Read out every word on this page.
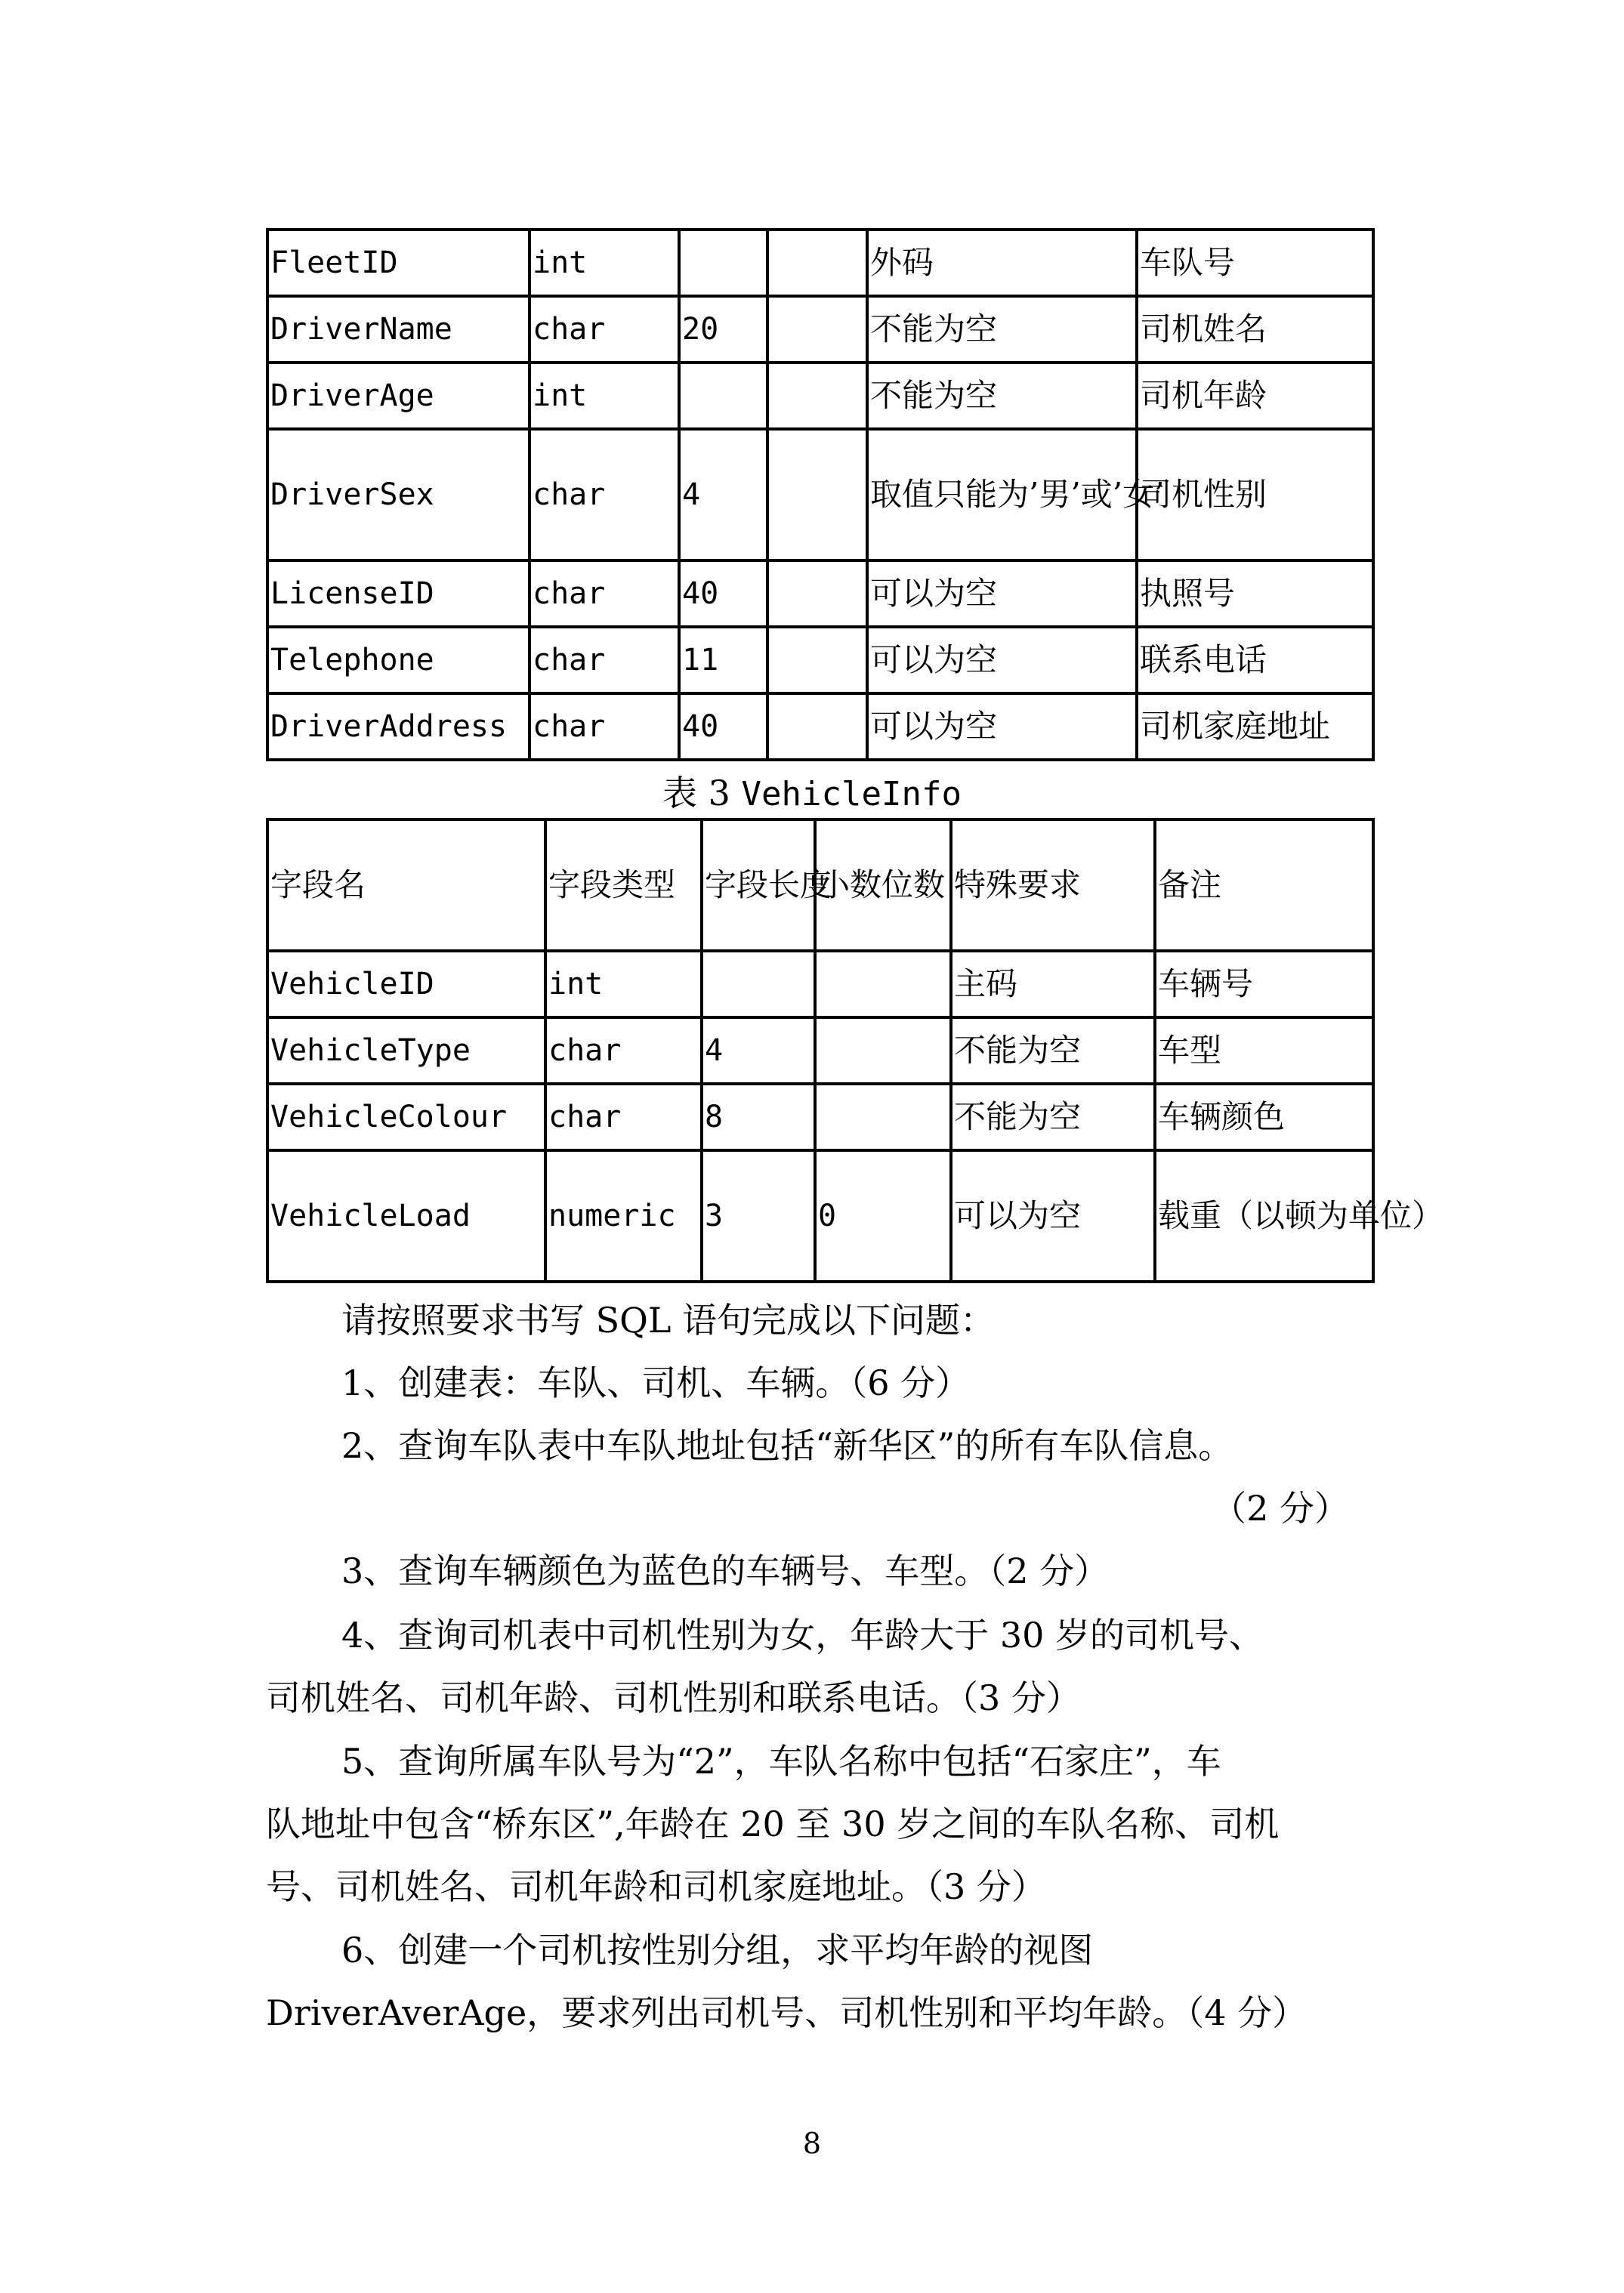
FleetID	int			外码	车队号
DriverName	char	20		不能为空	司机姓名
DriverAge	int			不能为空	司机年龄
DriverSex	char	4		取值只能为’男’或’女’	司机性别
LicenseID	char	40		可以为空	执照号
Telephone	char	11		可以为空	联系电话
DriverAddress	char	40		可以为空	司机家庭地址
表 3 VehicleInfo
字段名	字段类型	字段长度	小数位数	特殊要求	备注
VehicleID	int			主码	车辆号
VehicleType	char	4		不能为空	车型
VehicleColour	char	8		不能为空	车辆颜色
VehicleLoad	numeric	3	0	可以为空	载重（以顿为单位）
请按照要求书写 SQL 语句完成以下问题：
1、创建表：车队、司机、车辆。（6 分）
2、查询车队表中车队地址包括“新华区”的所有车队信息。
（2 分）
3、查询车辆颜色为蓝色的车辆号、车型。（2 分）
4、查询司机表中司机性别为女，年龄大于 30 岁的司机号、
司机姓名、司机年龄、司机性别和联系电话。（3 分）
5、查询所属车队号为“2”，车队名称中包括“石家庄”，车
队地址中包含“桥东区”,年龄在 20 至 30 岁之间的车队名称、司机
号、司机姓名、司机年龄和司机家庭地址。（3 分）
6、创建一个司机按性别分组，求平均年龄的视图
DriverAverAge，要求列出司机号、司机性别和平均年龄。（4 分）
8
